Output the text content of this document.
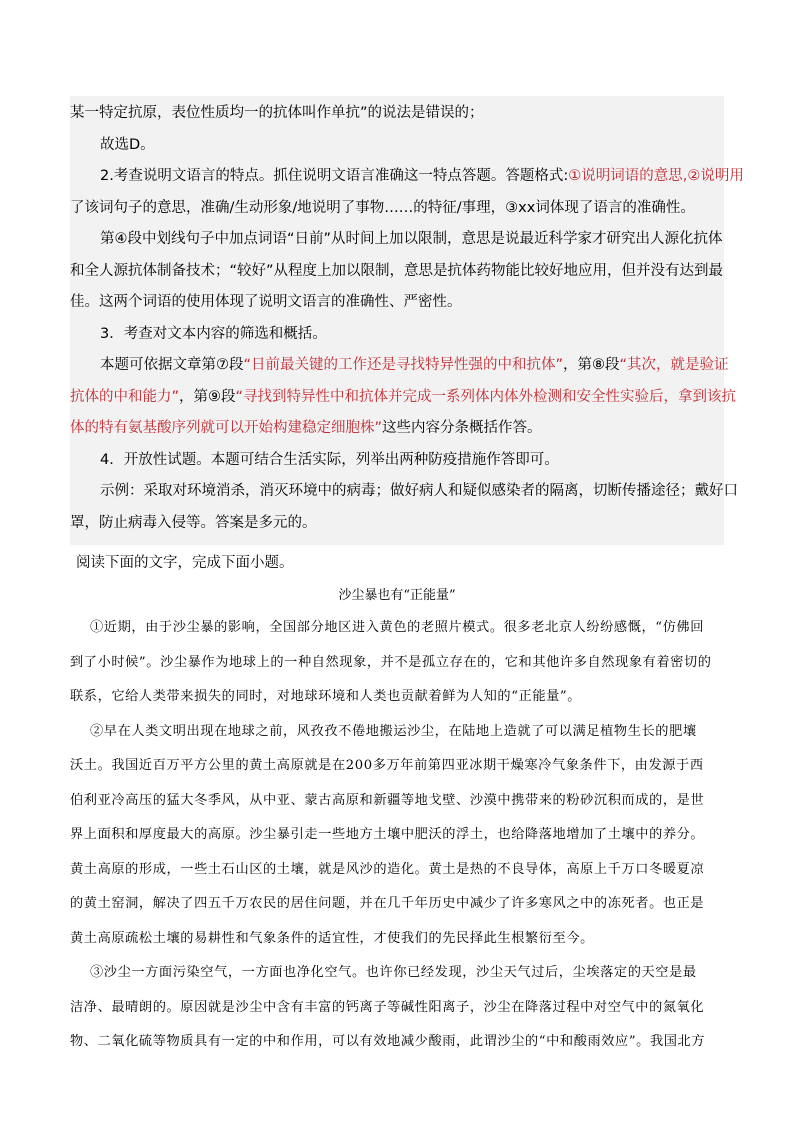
某一特定抗原，表位性质均一的抗体叫作单抗”的说法是错误的；
故选D。
2.考查说明文语言的特点。抓住说明文语言准确这一特点答题。答题格式:①说明词语的意思,②说明用
了该词句子的意思，准确/生动形象/地说明了事物……的特征/事理，③xx词体现了语言的准确性。
第④段中划线句子中加点词语“日前”从时间上加以限制，意思是说最近科学家才研究出人源化抗体
和全人源抗体制备技术；“较好”从程度上加以限制，意思是抗体药物能比较好地应用，但并没有达到最
佳。这两个词语的使用体现了说明文语言的准确性、严密性。
3．考查对文本内容的筛选和概括。
本题可依据文章第⑦段“日前最关键的工作还是寻找特异性强的中和抗体”，第⑧段“其次，就是验证
抗体的中和能力”，第⑨段“寻找到特异性中和抗体并完成一系列体内体外检测和安全性实验后，拿到该抗
体的特有氨基酸序列就可以开始构建稳定细胞株”这些内容分条概括作答。
4．开放性试题。本题可结合生活实际，列举出两种防疫措施作答即可。
示例：采取对环境消杀，消灭环境中的病毒；做好病人和疑似感染者的隔离，切断传播途径；戴好口
罩，防止病毒入侵等。答案是多元的。
阅读下面的文字，完成下面小题。
沙尘暴也有“正能量”
①近期，由于沙尘暴的影响，全国部分地区进入黄色的老照片模式。很多老北京人纷纷感慨，“仿佛回
到了小时候”。沙尘暴作为地球上的一种自然现象，并不是孤立存在的，它和其他许多自然现象有着密切的
联系，它给人类带来损失的同时，对地球环境和人类也贡献着鲜为人知的“正能量”。
②早在人类文明出现在地球之前，风孜孜不倦地搬运沙尘，在陆地上造就了可以满足植物生长的肥壤
沃土。我国近百万平方公里的黄土高原就是在200多万年前第四亚冰期干燥寒冷气象条件下，由发源于西
伯利亚冷高压的猛大冬季风，从中亚、蒙古高原和新疆等地戈壁、沙漠中携带来的粉砂沉积而成的，是世
界上面积和厚度最大的高原。沙尘暴引走一些地方土壤中肥沃的浮土，也给降落地增加了土壤中的养分。
黄土高原的形成，一些土石山区的土壤，就是风沙的造化。黄土是热的不良导体，高原上千万口冬暖夏凉
的黄土窑洞，解决了四五千万农民的居住问题，并在几千年历史中减少了许多寒风之中的冻死者。也正是
黄土高原疏松土壤的易耕性和气象条件的适宜性，才使我们的先民择此生根繁衍至今。
③沙尘一方面污染空气，一方面也净化空气。也许你已经发现，沙尘天气过后，尘埃落定的天空是最
洁净、最晴朗的。原因就是沙尘中含有丰富的钙离子等碱性阳离子，沙尘在降落过程中对空气中的氮氧化
物、二氧化硫等物质具有一定的中和作用，可以有效地减少酸雨，此谓沙尘的“中和酸雨效应”。我国北方
